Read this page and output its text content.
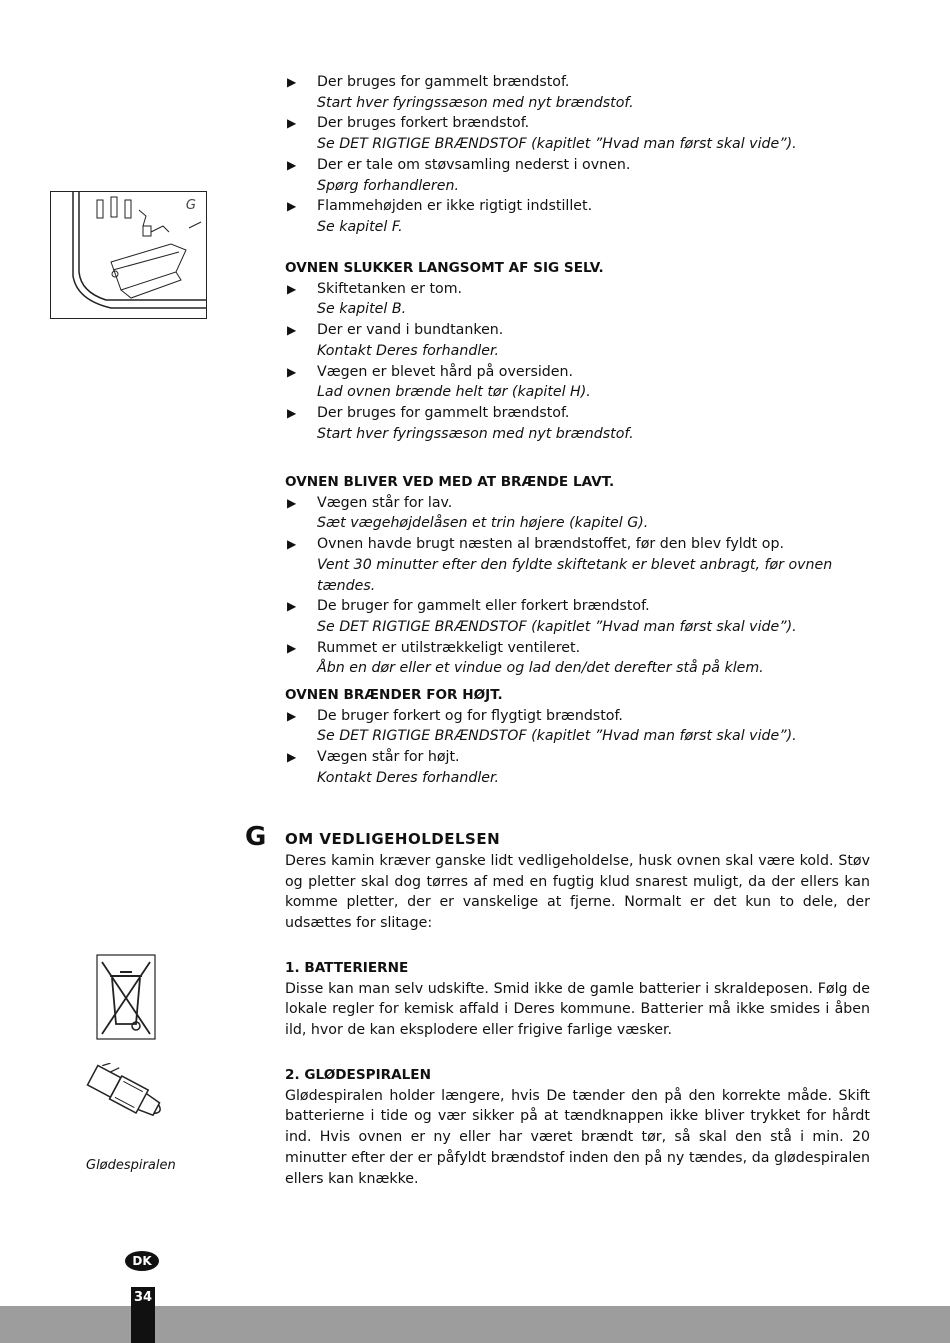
G
Glødespiralen
▶ Der bruges for gammelt brændstof.
Start hver fyringssæson med nyt brændstof.
▶ Der bruges forkert brændstof.
Se DET RIGTIGE BRÆNDSTOF (kapitlet ”Hvad man først skal vide”).
▶ Der er tale om støvsamling nederst i ovnen.
Spørg forhandleren.
▶ Flammehøjden er ikke rigtigt indstillet.
Se kapitel F.
OVNEN SLUKKER LANGSOMT AF SIG SELV.
▶ Skiftetanken er tom.
Se kapitel B.
▶ Der er vand i bundtanken.
Kontakt Deres forhandler.
▶ Vægen er blevet hård på oversiden.
Lad ovnen brænde helt tør (kapitel H).
▶ Der bruges for gammelt brændstof.
Start hver fyringssæson med nyt brændstof.
OVNEN BLIVER VED MED AT BRÆNDE LAVT.
▶ Vægen står for lav.
Sæt vægehøjdelåsen et trin højere (kapitel G).
▶ Ovnen havde brugt næsten al brændstoffet, før den blev fyldt op.
Vent 30 minutter efter den fyldte skiftetank er blevet anbragt, før ovnen tændes.
▶ De bruger for gammelt eller forkert brændstof.
Se DET RIGTIGE BRÆNDSTOF (kapitlet ”Hvad man først skal vide”).
▶ Rummet er utilstrækkeligt ventileret.
Åbn en dør eller et vindue og lad den/det derefter stå på klem.
OVNEN BRÆNDER FOR HØJT.
▶ De bruger forkert og for flygtigt brændstof.
Se DET RIGTIGE BRÆNDSTOF (kapitlet ”Hvad man først skal vide”).
▶ Vægen står for højt.
Kontakt Deres forhandler.
G OM VEDLIGEHOLDELSEN

Deres kamin kræver ganske lidt vedligeholdelse, husk ovnen skal være kold. Støv og pletter skal dog tørres af med en fugtig klud snarest muligt, da der ellers kan komme pletter, der er vanskelige at fjerne. Normalt er det kun to dele, der udsættes for slitage:

1. BATTERIERNE

Disse kan man selv udskifte. Smid ikke de gamle batterier i skraldeposen. Følg de lokale regler for kemisk affald i Deres kommune. Batterier må ikke smides i åben ild, hvor de kan eksplodere eller frigive farlige væsker.

2. GLØDESPIRALEN

Glødespiralen holder længere, hvis De tænder den på den korrekte måde. Skift batterierne i tide og vær sikker på at tændknappen ikke bliver trykket for hårdt ind. Hvis ovnen er ny eller har været brændt tør, så skal den stå i min. 20 minutter efter der er påfyldt brændstof inden den på ny tændes, da glødespiralen ellers kan knække.

DK
34
